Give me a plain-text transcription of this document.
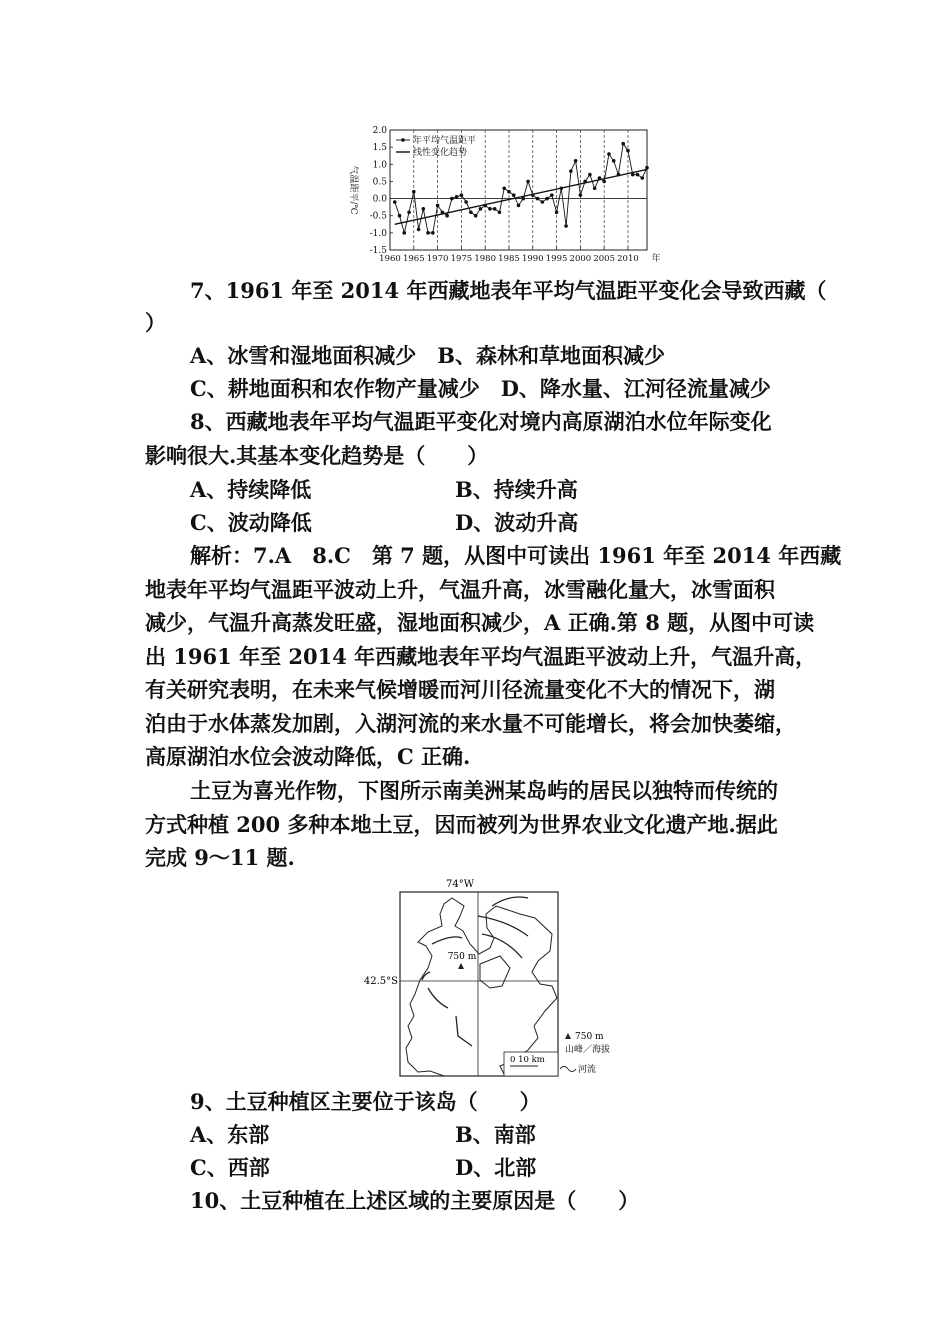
2.0
1.5
1.0
0.5
0.0
-0.5
-1.0
-1.5
1960 1965 1970 1975 1980 1985 1990 1995 2000 2005 2010 年
气温距平/℃
年平均气温距平
线性变化趋势
7、1961 年至 2014 年西藏地表年平均气温距平变化会导致西藏（
）
A、冰雪和湿地面积减少　B、森林和草地面积减少
C、耕地面积和农作物产量减少　D、降水量、江河径流量减少
8、西藏地表年平均气温距平变化对境内高原湖泊水位年际变化
影响很大.其基本变化趋势是（　　）
A、持续降低	B、持续升高
C、波动降低	D、波动升高
解析：7.A　8.C　第 7 题，从图中可读出 1961 年至 2014 年西藏
地表年平均气温距平波动上升，气温升高，冰雪融化量大，冰雪面积
减少，气温升高蒸发旺盛，湿地面积减少，A 正确.第 8 题，从图中可读
出 1961 年至 2014 年西藏地表年平均气温距平波动上升，气温升高，
有关研究表明，在未来气候增暖而河川径流量变化不大的情况下，湖
泊由于水体蒸发加剧，入湖河流的来水量不可能增长，将会加快萎缩，
高原湖泊水位会波动降低，C 正确.
土豆为喜光作物，下图所示南美洲某岛屿的居民以独特而传统的
方式种植 200 多种本地土豆，因而被列为世界农业文化遗产地.据此
完成 9～11 题.
74°W
42.5°S
750 m
0 10 km
750 m
山峰／海拔
河流
9、土豆种植区主要位于该岛（　　）
A、东部	B、南部
C、西部	D、北部
10、土豆种植在上述区域的主要原因是（　　）
